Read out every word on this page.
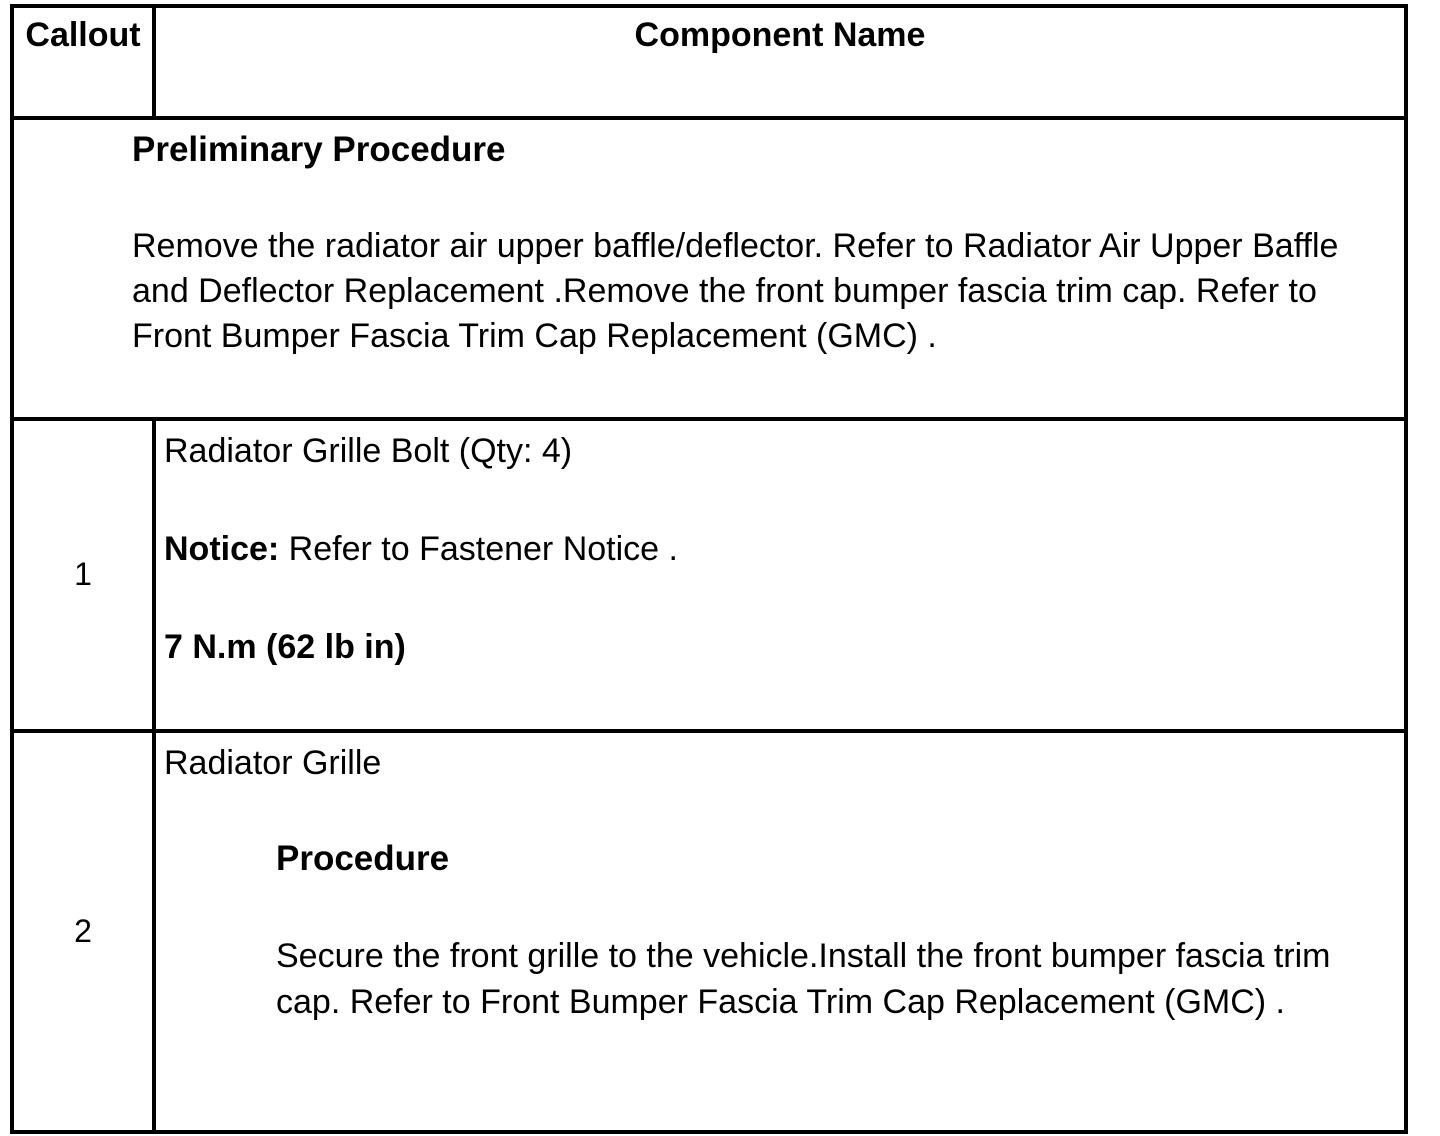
Callout	Component Name

Preliminary Procedure

Remove the radiator air upper baffle/deflector. Refer to Radiator Air Upper Baffle and Deflector Replacement .Remove the front bumper fascia trim cap. Refer to Front Bumper Fascia Trim Cap Replacement (GMC) .	

1	Radiator Grille Bolt (Qty: 4)

Notice: Refer to Fastener Notice .

7 N.m (62 lb in)

2	Radiator Grille

Procedure

Secure the front grille to the vehicle.Install the front bumper fascia trim cap. Refer to Front Bumper Fascia Trim Cap Replacement (GMC) .
